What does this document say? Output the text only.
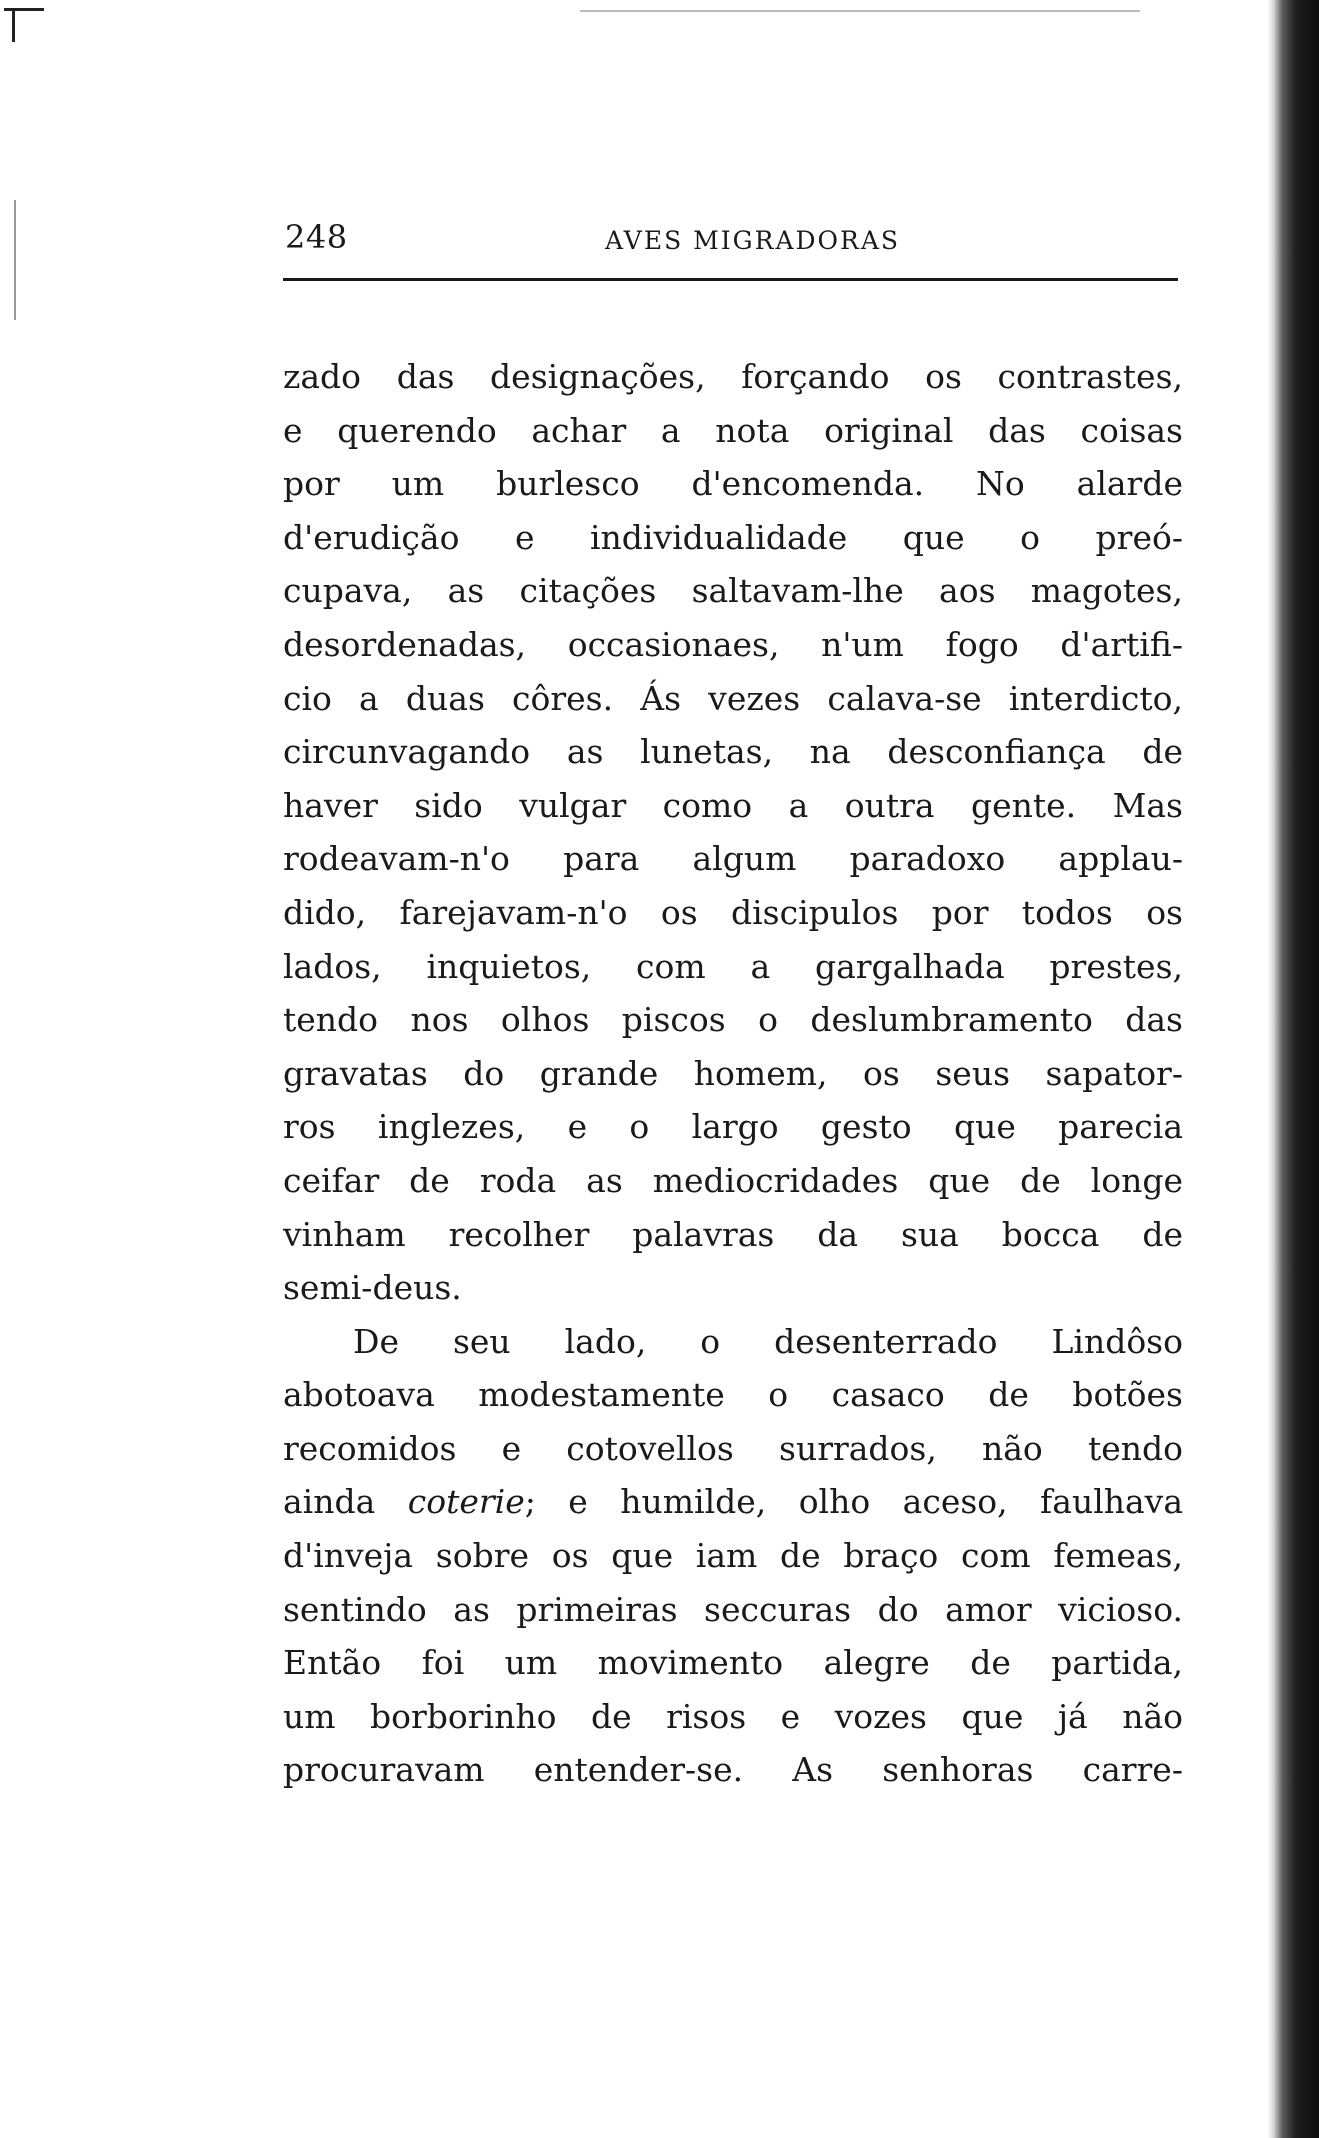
248	AVES MIGRADORAS
zado das designações, forçando os contrastes,
e querendo achar a nota original das coisas
por um burlesco d'encomenda. No alarde
d'erudição e individualidade que o preó-
cupava, as citações saltavam-lhe aos magotes,
desordenadas, occasionaes, n'um fogo d'artifi-
cio a duas côres. Ás vezes calava-se interdicto,
circunvagando as lunetas, na desconfiança de
haver sido vulgar como a outra gente. Mas
rodeavam-n'o para algum paradoxo applau-
dido, farejavam-n'o os discipulos por todos os
lados, inquietos, com a gargalhada prestes,
tendo nos olhos piscos o deslumbramento das
gravatas do grande homem, os seus sapator-
ros inglezes, e o largo gesto que parecia
ceifar de roda as mediocridades que de longe
vinham recolher palavras da sua bocca de
semi-deus.
De seu lado, o desenterrado Lindôso
abotoava modestamente o casaco de botões
recomidos e cotovellos surrados, não tendo
ainda coterie; e humilde, olho aceso, faulhava
d'inveja sobre os que iam de braço com femeas,
sentindo as primeiras seccuras do amor vicioso.
Então foi um movimento alegre de partida,
um borborinho de risos e vozes que já não
procuravam entender-se. As senhoras carre-
